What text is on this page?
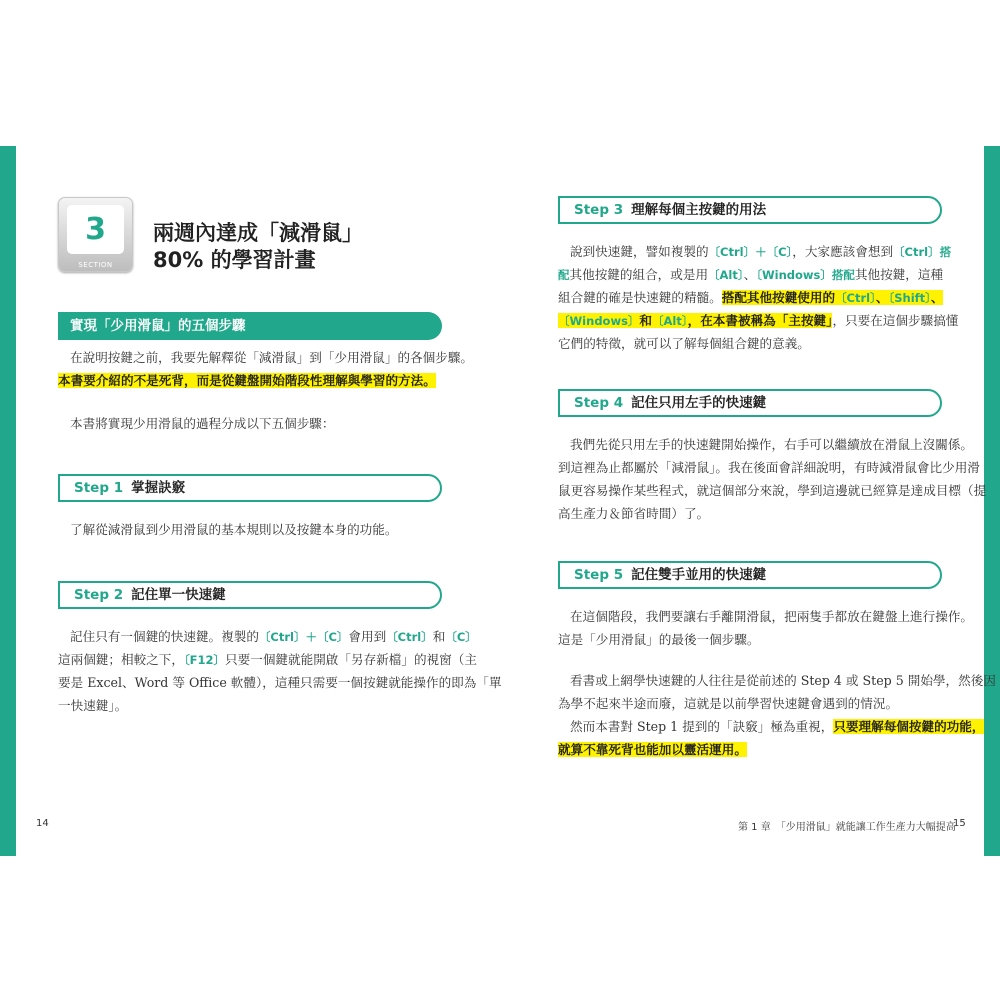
3
SECTION
兩週內達成「減滑鼠」
80% 的學習計畫
實現「少用滑鼠」的五個步驟
在說明按鍵之前，我要先解釋從「減滑鼠」到「少用滑鼠」的各個步驟。
本書要介紹的不是死背，而是從鍵盤開始階段性理解與學習的方法。
本書將實現少用滑鼠的過程分成以下五個步驟：
Step 1 掌握訣竅
了解從減滑鼠到少用滑鼠的基本規則以及按鍵本身的功能。
Step 2 記住單一快速鍵
記住只有一個鍵的快速鍵。複製的〔Ctrl〕＋〔C〕會用到〔Ctrl〕和〔C〕
這兩個鍵；相較之下，〔F12〕只要一個鍵就能開啟「另存新檔」的視窗（主
要是 Excel、Word 等 Office 軟體），這種只需要一個按鍵就能操作的即為「單
一快速鍵」。
Step 3 理解每個主按鍵的用法
說到快速鍵，譬如複製的〔Ctrl〕＋〔C〕，大家應該會想到〔Ctrl〕搭
配其他按鍵的組合，或是用〔Alt〕、〔Windows〕搭配其他按鍵，這種
組合鍵的確是快速鍵的精髓。搭配其他按鍵使用的〔Ctrl〕、〔Shift〕、
〔Windows〕和〔Alt〕，在本書被稱為「主按鍵」，只要在這個步驟搞懂
它們的特徵，就可以了解每個組合鍵的意義。
Step 4 記住只用左手的快速鍵
我們先從只用左手的快速鍵開始操作，右手可以繼續放在滑鼠上沒關係。
到這裡為止都屬於「減滑鼠」。我在後面會詳細說明，有時減滑鼠會比少用滑
鼠更容易操作某些程式，就這個部分來說，學到這邊就已經算是達成目標（提
高生產力＆節省時間）了。
Step 5 記住雙手並用的快速鍵
在這個階段，我們要讓右手離開滑鼠，把兩隻手都放在鍵盤上進行操作。
這是「少用滑鼠」的最後一個步驟。
看書或上網學快速鍵的人往往是從前述的 Step 4 或 Step 5 開始學，然後因
為學不起來半途而廢，這就是以前學習快速鍵會遇到的情況。
然而本書對 Step 1 提到的「訣竅」極為重視，只要理解每個按鍵的功能，
就算不靠死背也能加以靈活運用。
14	第 1 章　「少用滑鼠」就能讓工作生產力大幅提高
15
